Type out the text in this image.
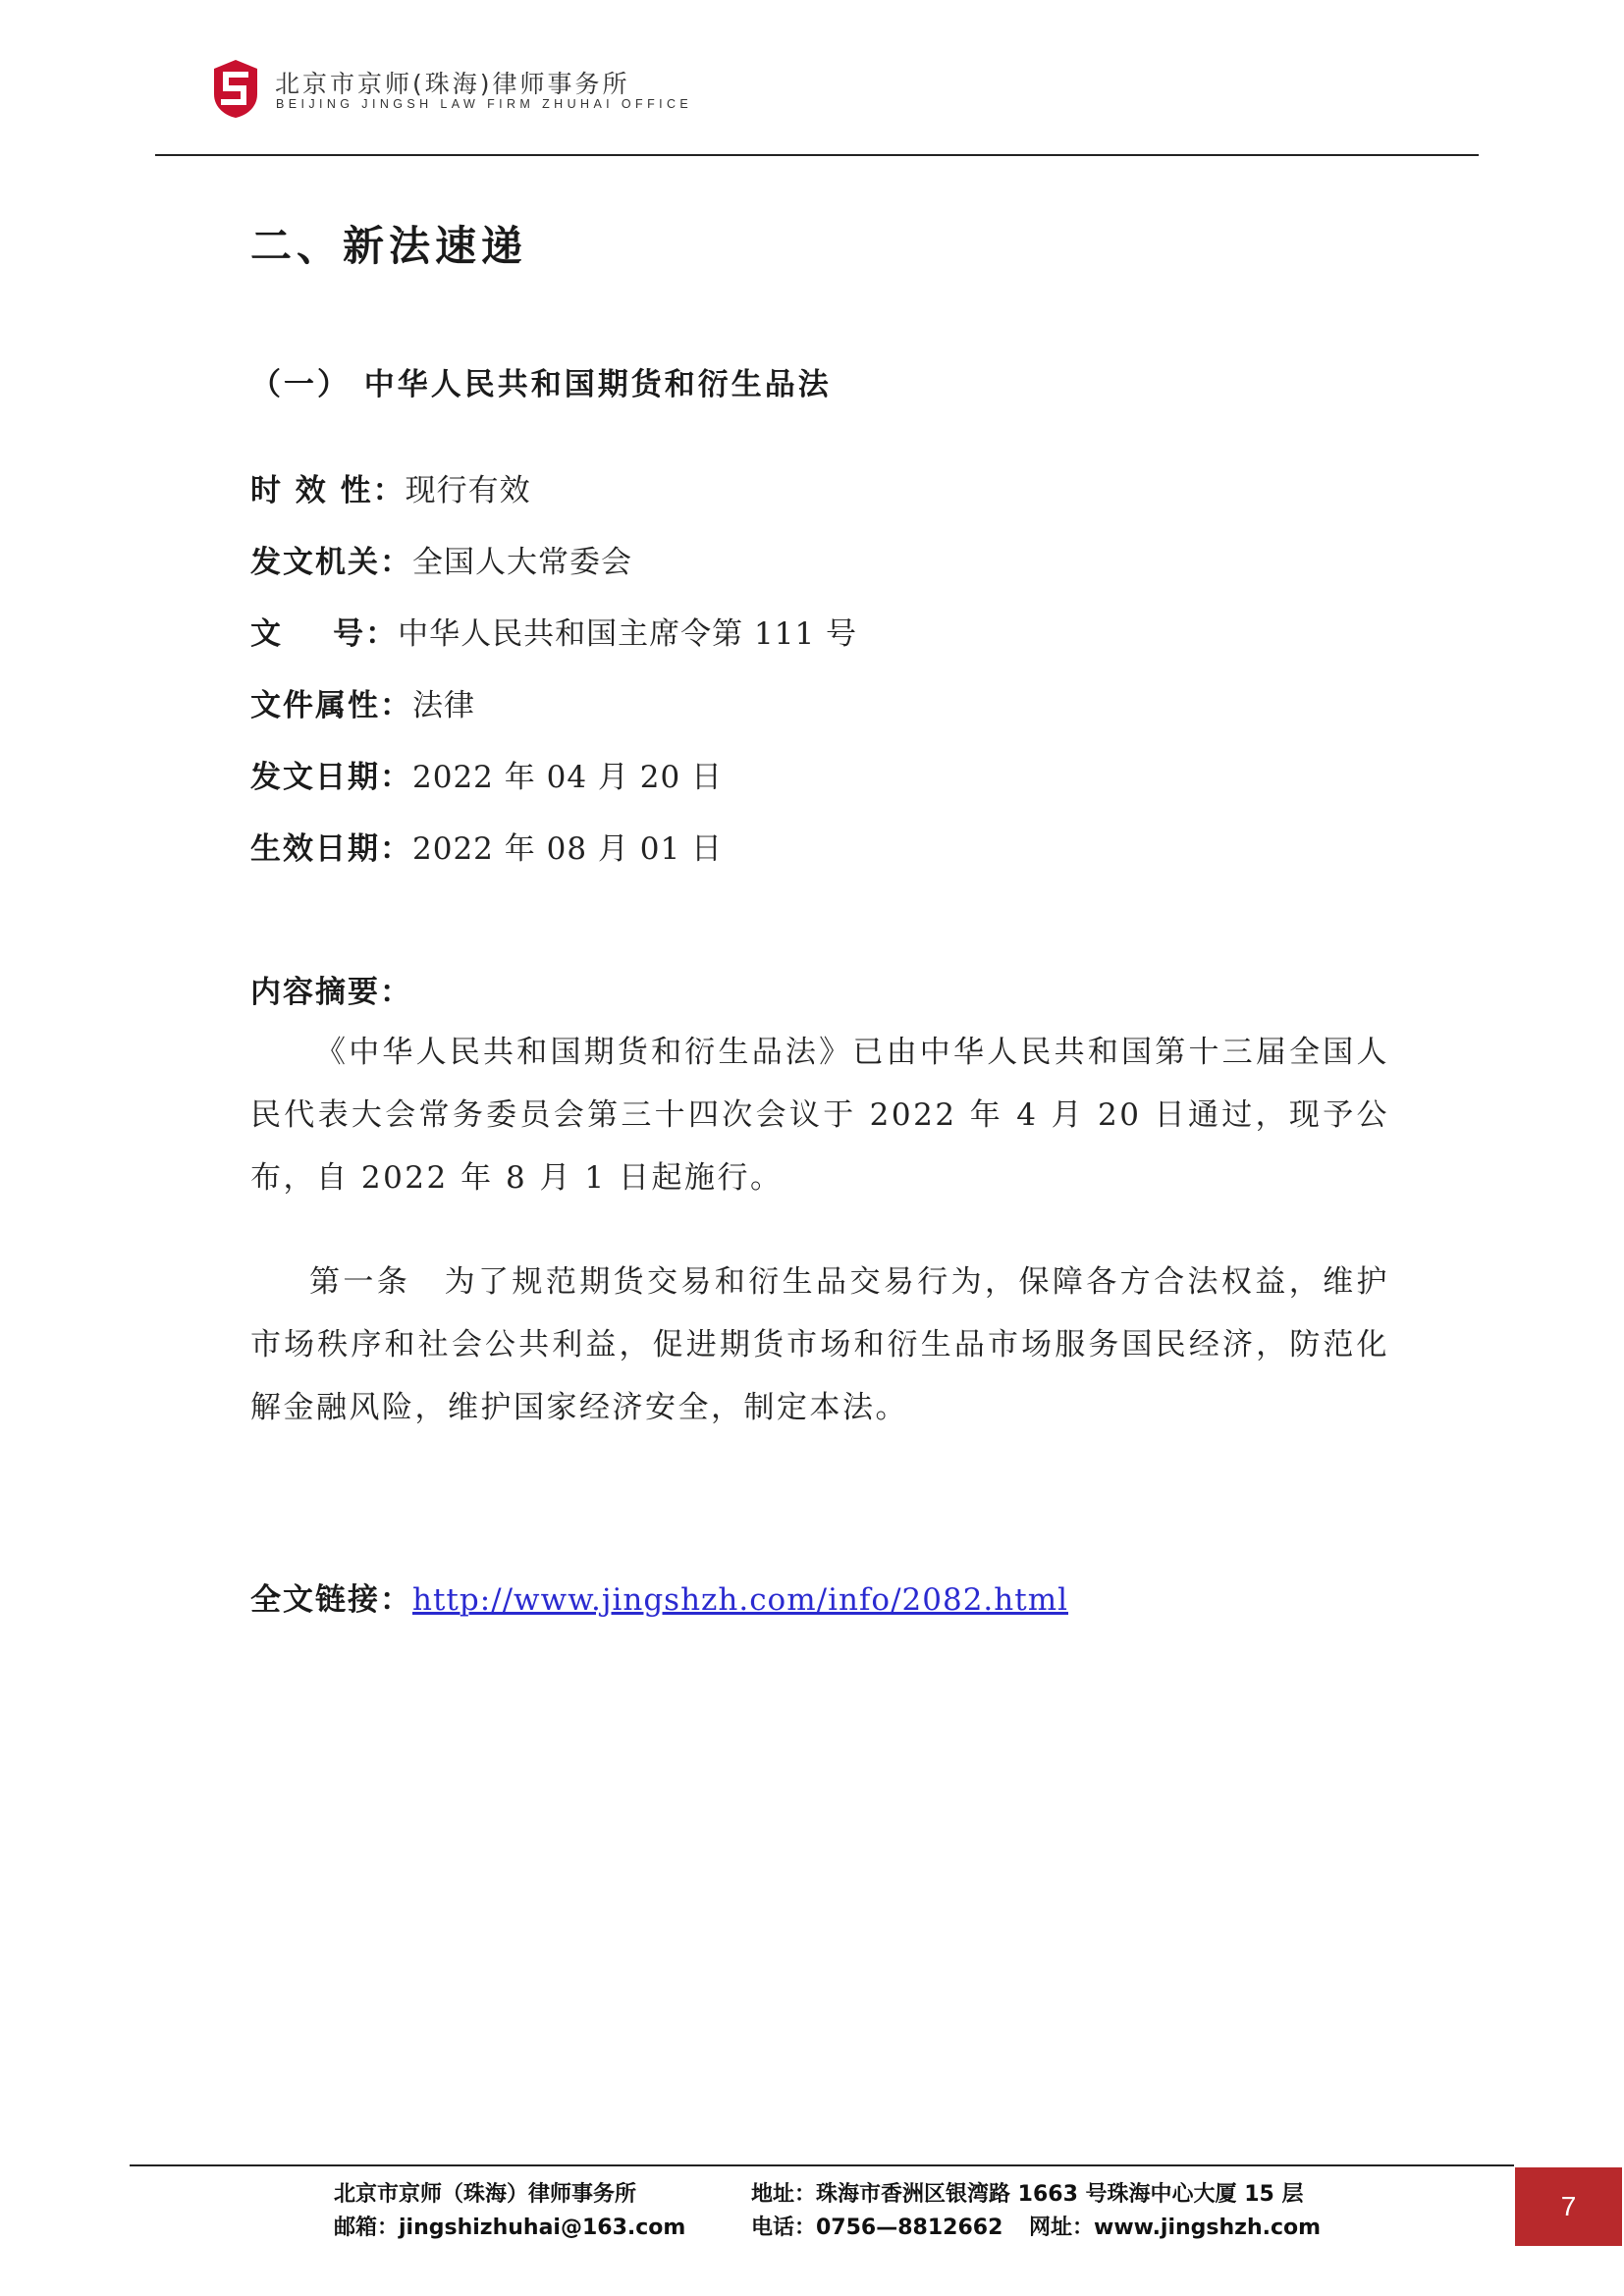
北京市京师(珠海)律师事务所
BEIJING JINGSH LAW FIRM ZHUHAI OFFICE
二、新法速递
（一） 中华人民共和国期货和衍生品法
时 效 性：现行有效
发文机关：全国人大常委会
文    号：中华人民共和国主席令第 111 号
文件属性：法律
发文日期：2022 年 04 月 20 日
生效日期：2022 年 08 月 01 日
内容摘要：
《中华人民共和国期货和衍生品法》已由中华人民共和国第十三届全国人民代表大会常务委员会第三十四次会议于 2022 年 4 月 20 日通过，现予公布，自 2022 年 8 月 1 日起施行。
第一条　为了规范期货交易和衍生品交易行为，保障各方合法权益，维护市场秩序和社会公共利益，促进期货市场和衍生品市场服务国民经济，防范化解金融风险，维护国家经济安全，制定本法。
全文链接：http://www.jingshzh.com/info/2082.html
北京市京师（珠海）律师事务所
邮箱：jingshizhuhai@163.com
地址：珠海市香洲区银湾路 1663 号珠海中心大厦 15 层
电话：0756—8812662 网址：www.jingshzh.com
7
